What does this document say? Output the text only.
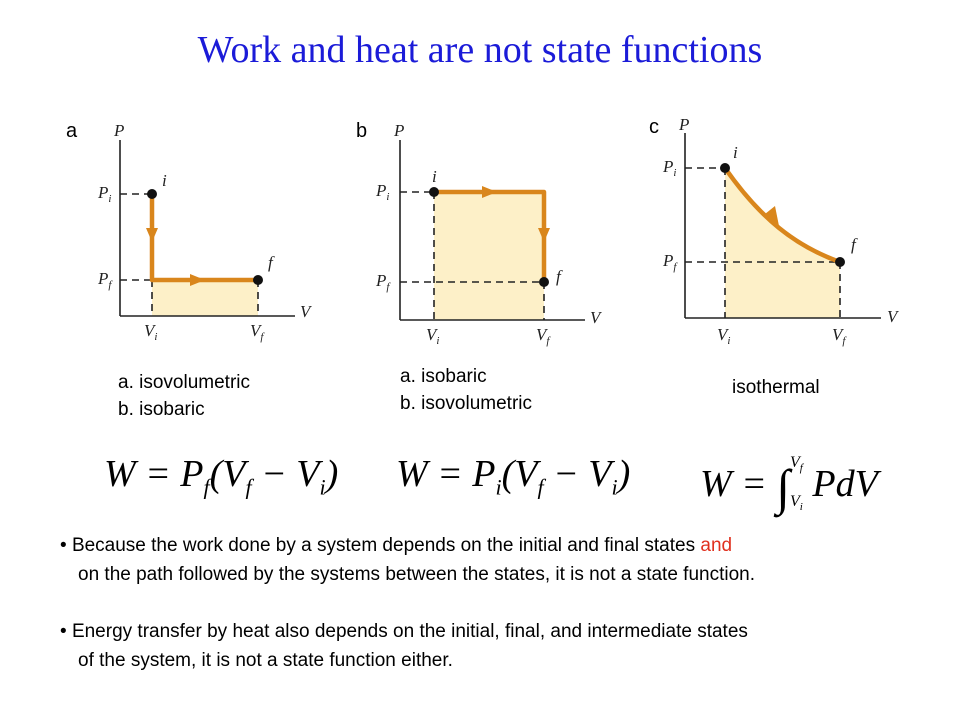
Work and heat are not state functions
a	b	c
P
V
$P_i$
$P_f$
$V_i$	$V_f$
i
f
P
V
$P_i$
$P_f$
$V_i$	$V_f$
i
f
P
V
$P_i$
$P_f$
$V_i$	$V_f$
i
f
a. isovolumetric
b. isobaric
a. isobaric
b. isovolumetric
isothermal
$W = P_f(V_f - V_i) W = P_i(V_f - V_i) W$ = ∫ $V_f$
$V_i$
PdV
• Because the work done by a system depends on the initial and final states and
on the path followed by the systems between the states, it is not a state function.
• Energy transfer by heat also depends on the initial, final, and intermediate states
of the system, it is not a state function either.
